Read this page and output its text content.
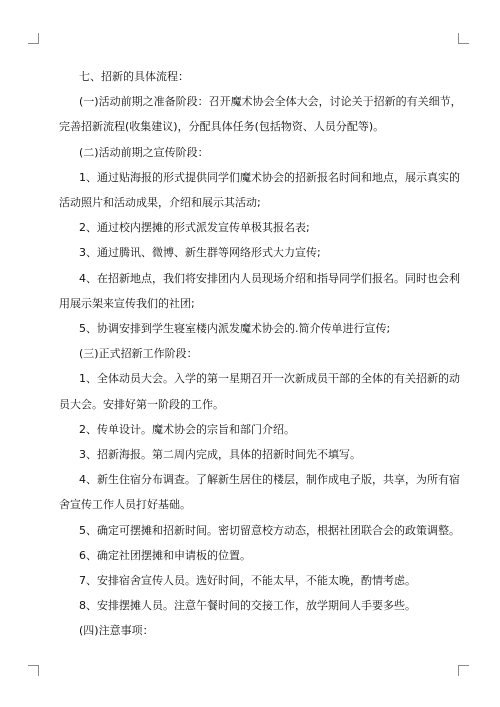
七、招新的具体流程：
(一)活动前期之准备阶段：召开魔术协会全体大会，讨论关于招新的有关细节，
完善招新流程(收集建议)，分配具体任务(包括物资、人员分配等)。
(二)活动前期之宣传阶段：
1、通过贴海报的形式提供同学们魔术协会的招新报名时间和地点，展示真实的
活动照片和活动成果，介绍和展示其活动;
2、通过校内摆摊的形式派发宣传单极其报名表;
3、通过腾讯、微博、新生群等网络形式大力宣传;
4、在招新地点，我们将安排团内人员现场介绍和指导同学们报名。同时也会利
用展示架来宣传我们的社团;
5、协调安排到学生寝室楼内派发魔术协会的.简介传单进行宣传;
(三)正式招新工作阶段：
1、全体动员大会。入学的第一星期召开一次新成员干部的全体的有关招新的动
员大会。安排好第一阶段的工作。
2、传单设计。魔术协会的宗旨和部门介绍。
3、招新海报。第二周内完成，具体的招新时间先不填写。
4、新生住宿分布调查。了解新生居住的楼层，制作成电子版，共享，为所有宿
舍宣传工作人员打好基础。
5、确定可摆摊和招新时间。密切留意校方动态，根据社团联合会的政策调整。
6、确定社团摆摊和申请板的位置。
7、安排宿舍宣传人员。选好时间，不能太早，不能太晚，酌情考虑。
8、安排摆摊人员。注意午餐时间的交接工作，放学期间人手要多些。
(四)注意事项：
